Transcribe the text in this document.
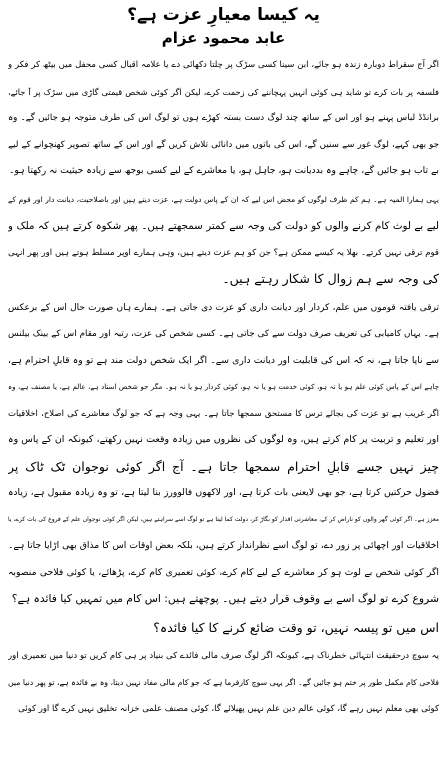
یہ کیسا معیارِ عزت ہے؟
عابد محمود عزام
اگر آج سقراط دوبارہ زندہ ہو جائے، ابن سینا کسی سڑک پر چلتا دکھائی دے یا علامہ اقبال کسی محفل میں بیٹھ کر فکر و
فلسفہ پر بات کرے تو شاید ہی کوئی انہیں پہچاننے کی زحمت کرے، لیکن اگر کوئی شخص قیمتی گاڑی میں سڑک پر آ جائے،
برانڈڈ لباس پہنے ہو اور اس کے ساتھ چند لوگ دست بستہ کھڑے ہوں تو لوگ اس کی طرف متوجہ ہو جائیں گے۔ وہ
جو بھی کہے، لوگ غور سے سنیں گے، اس کی باتوں میں دانائی تلاش کریں گے اور اس کے ساتھ تصویر کھنچوانے کے لیے
بے تاب ہو جائیں گے، چاہے وہ بددیانت ہو، جاہل ہو، یا معاشرے کے لیے کسی بوجھ سے زیادہ حیثیت نہ رکھتا ہو۔
یہی ہمارا المیہ ہے۔ ہم کم ظرف لوگوں کو محض اس لیے کہ ان کے پاس دولت ہے، عزت دیتے ہیں اور باصلاحیت، دیانت دار اور قوم کے
لیے بے لوث کام کرنے والوں کو دولت کی وجہ سے کمتر سمجھتے ہیں۔ پھر شکوہ کرتے ہیں کہ ملک و
قوم ترقی نہیں کرتے۔ بھلا یہ کیسے ممکن ہے؟ جن کو ہم عزت دیتے ہیں، وہی ہمارے اوپر مسلط ہوتے ہیں اور پھر انہی
کی وجہ سے ہم زوال کا شکار رہتے ہیں۔
ترقی یافتہ قوموں میں علم، کردار اور دیانت داری کو عزت دی جاتی ہے۔ ہمارے ہاں صورت حال اس کے برعکس
ہے۔ یہاں کامیابی کی تعریف صرف دولت سے کی جاتی ہے۔ کسی شخص کی عزت، رتبہ اور مقام اس کے بینک بیلنس
سے ناپا جاتا ہے، نہ کہ اس کی قابلیت اور دیانت داری سے۔ اگر ایک شخص دولت مند ہے تو وہ قابلِ احترام ہے،
چاہے اس کے پاس کوئی علم ہو یا نہ ہو، کوئی خدمت ہو یا نہ ہو، کوئی کردار ہو یا نہ ہو۔ مگر جو شخص استاد ہے، عالم ہے، یا مصنف ہے، وہ
اگر غریب ہے تو عزت کی بجائے ترس کا مستحق سمجھا جاتا ہے۔ یہی وجہ ہے کہ جو لوگ معاشرے کی اصلاح، اخلاقیات
اور تعلیم و تربیت پر کام کرتے ہیں، وہ لوگوں کی نظروں میں زیادہ وقعت نہیں رکھتے، کیونکہ ان کے پاس وہ
چیز نہیں جسے قابلِ احترام سمجھا جاتا ہے۔ آج اگر کوئی نوجوان ٹک ٹاک پر
فضول حرکتیں کرتا ہے، جو بھی لایعنی بات کرتا ہے، اور لاکھوں فالوورز بنا لیتا ہے، تو وہ زیادہ مقبول ہے، زیادہ
معزز ہے۔ اگر کوئی گھر والوں کو ناراض کر کے، معاشرتی اقدار کو بگاڑ کر، دولت کما لیتا ہے تو لوگ اسے سراہتے ہیں، لیکن اگر کوئی نوجوان علم کے فروغ کی بات کرے، یا
اخلاقیات اور اچھائی پر زور دے، تو لوگ اسے نظرانداز کرتے ہیں، بلکہ بعض اوقات اس کا مذاق بھی اڑایا جاتا ہے۔
اگر کوئی شخص بے لوث ہو کر معاشرے کے لیے کام کرے، کوئی تعمیری کام کرے، پڑھائے، یا کوئی فلاحی منصوبہ
شروع کرے تو لوگ اسے بے وقوف قرار دیتے ہیں۔ پوچھتے ہیں: اس کام میں تمہیں کیا فائدہ ہے؟
اس میں تو پیسہ نہیں، تو وقت ضائع کرنے کا کیا فائدہ؟
یہ سوچ درحقیقت انتہائی خطرناک ہے، کیونکہ اگر لوگ صرف مالی فائدے کی بنیاد پر ہی کام کریں تو دنیا میں تعمیری اور
فلاحی کام مکمل طور پر ختم ہو جائیں گے۔ اگر یہی سوچ کارفرما ہے کہ جو کام مالی مفاد نہیں دیتا، وہ بے فائدہ ہے، تو پھر دنیا میں
کوئی بھی معلم نہیں رہے گا، کوئی عالم دین علم نہیں پھیلائے گا، کوئی مصنف علمی خزانہ تخلیق نہیں کرے گا اور کوئی
